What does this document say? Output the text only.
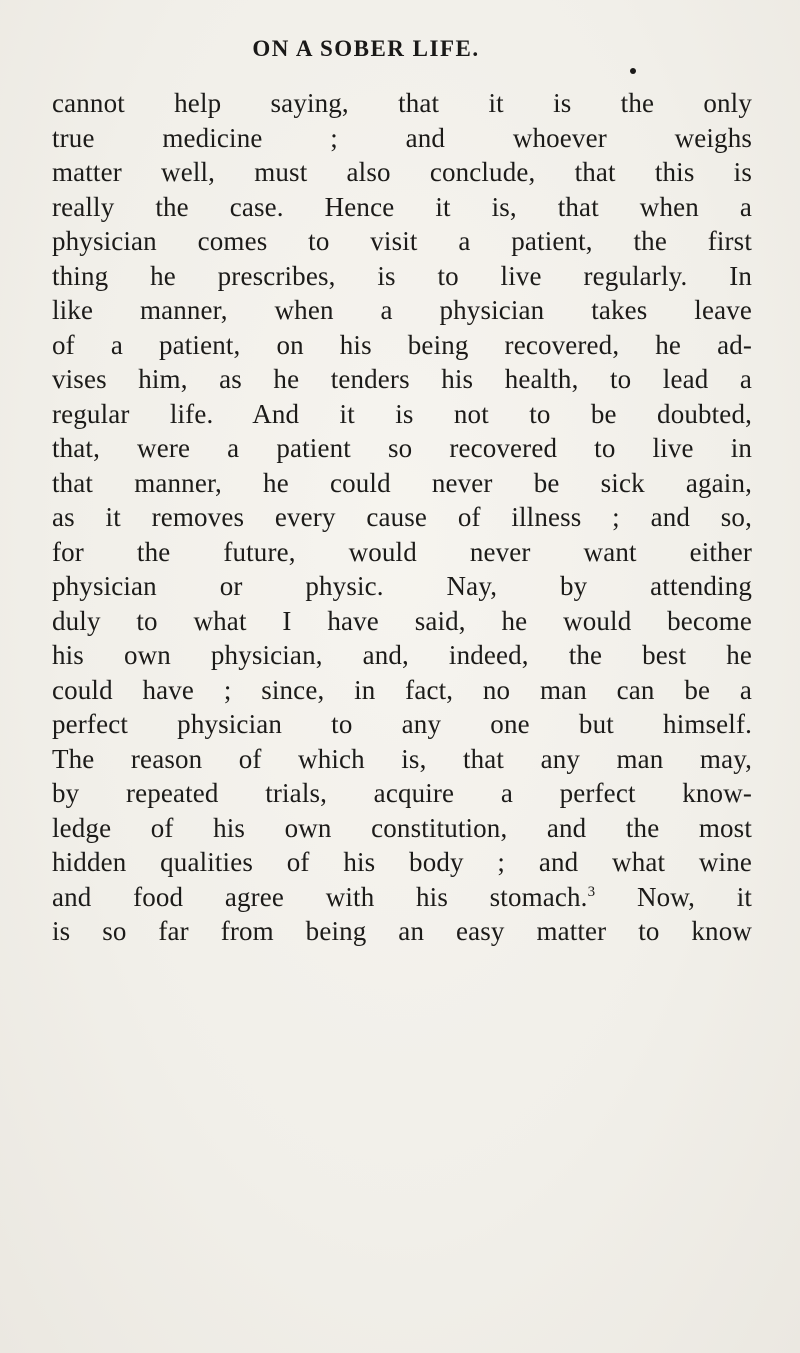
ON A SOBER LIFE.
cannot help saying, that it is the only
true medicine ; and whoever weighs
matter well, must also conclude, that this is
really the case. Hence it is, that when a
physician comes to visit a patient, the first
thing he prescribes, is to live regularly. In
like manner, when a physician takes leave
of a patient, on his being recovered, he ad-
vises him, as he tenders his health, to lead a
regular life. And it is not to be doubted,
that, were a patient so recovered to live in
that manner, he could never be sick again,
as it removes every cause of illness ; and so,
for the future, would never want either
physician or physic. Nay, by attending
duly to what I have said, he would become
his own physician, and, indeed, the best he
could have ; since, in fact, no man can be a
perfect physician to any one but himself.
The reason of which is, that any man may,
by repeated trials, acquire a perfect know-
ledge of his own constitution, and the most
hidden qualities of his body ; and what wine
and food agree with his stomach.$^3$ Now, it
is so far from being an easy matter to know
